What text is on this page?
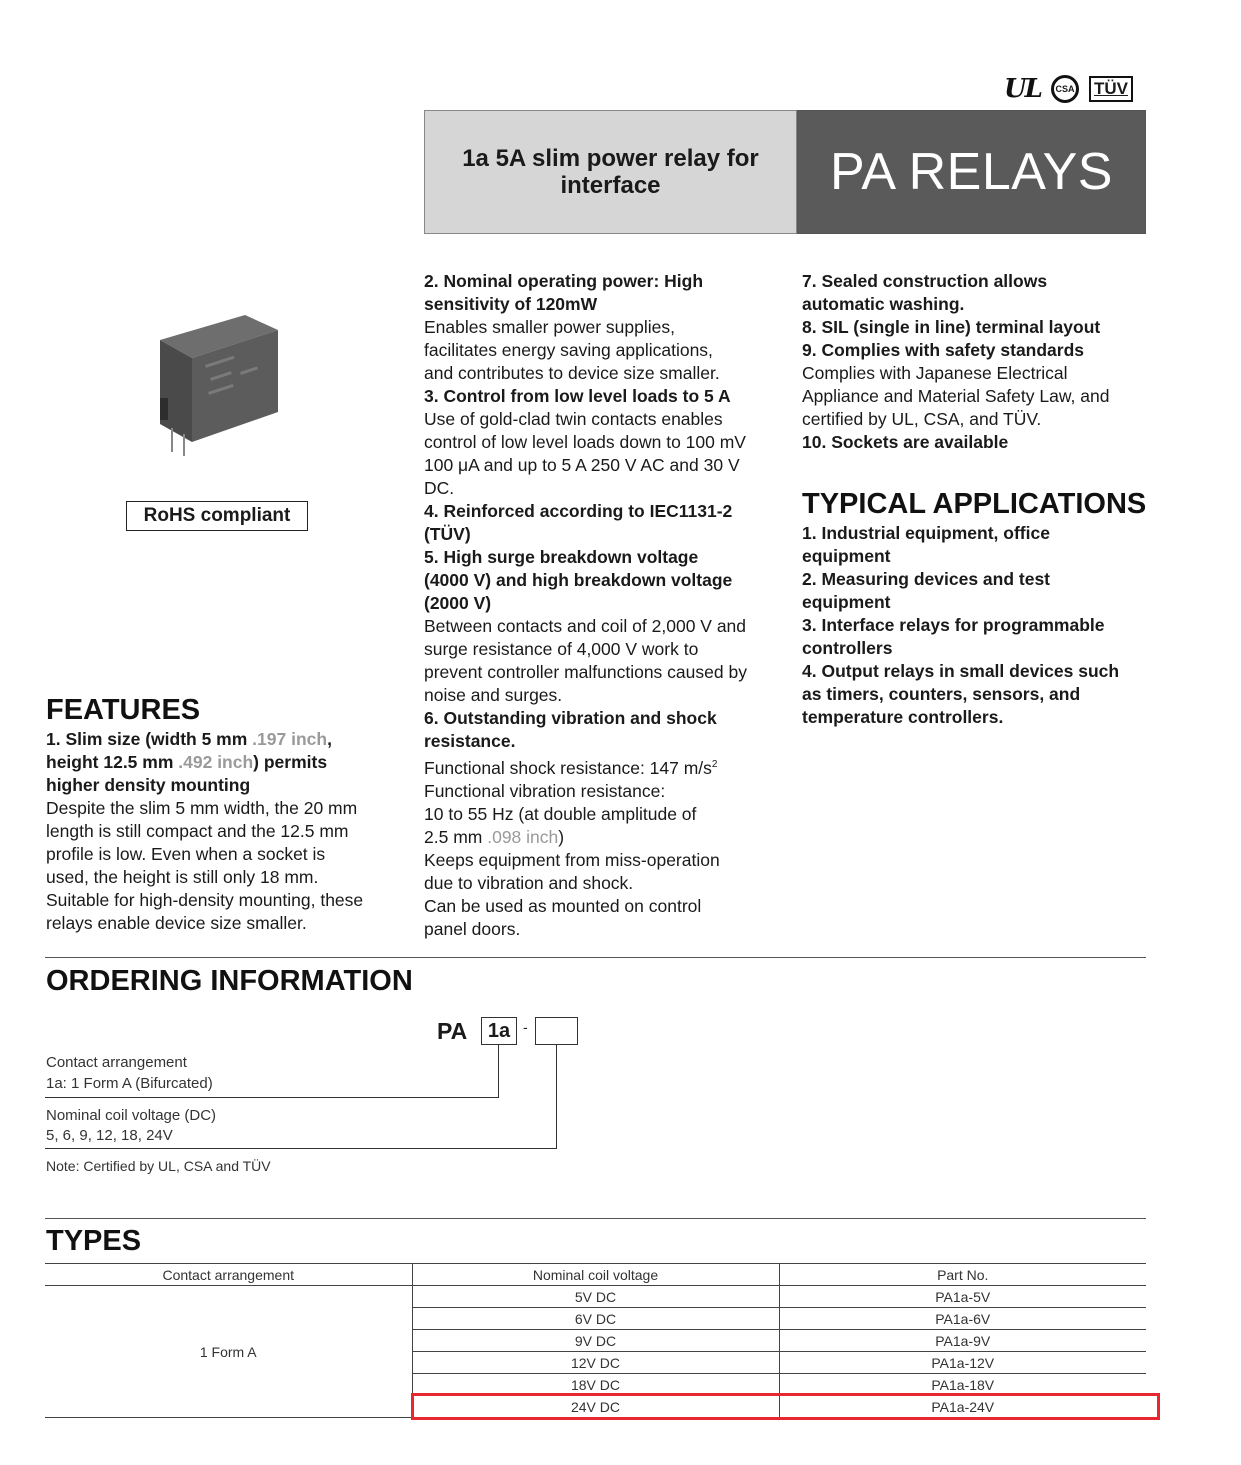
UL	CSA TÜV
1a 5A slim power relay for interface	PA RELAYS
RoHS compliant
FEATURES
1. Slim size (width 5 mm .197 inch,
height 12.5 mm .492 inch) permits
higher density mounting
Despite the slim 5 mm width, the 20 mm
length is still compact and the 12.5 mm
profile is low. Even when a socket is
used, the height is still only 18 mm.
Suitable for high-density mounting, these
relays enable device size smaller.
2. Nominal operating power: High
sensitivity of 120mW
Enables smaller power supplies,
facilitates energy saving applications,
and contributes to device size smaller.
3. Control from low level loads to 5 A
Use of gold-clad twin contacts enables
control of low level loads down to 100 mV
100 μA and up to 5 A 250 V AC and 30 V
DC.
4. Reinforced according to IEC1131-2
(TÜV)
5. High surge breakdown voltage
(4000 V) and high breakdown voltage
(2000 V)
Between contacts and coil of 2,000 V and
surge resistance of 4,000 V work to
prevent controller malfunctions caused by
noise and surges.
6. Outstanding vibration and shock
resistance.
Functional shock resistance: 147 $m/s^2$
Functional vibration resistance:
10 to 55 Hz (at double amplitude of
2.5 mm .098 inch)
Keeps equipment from miss-operation
due to vibration and shock.
Can be used as mounted on control
panel doors.
7. Sealed construction allows
automatic washing.
8. SIL (single in line) terminal layout
9. Complies with safety standards
Complies with Japanese Electrical
Appliance and Material Safety Law, and
certified by UL, CSA, and TÜV.
10. Sockets are available
TYPICAL APPLICATIONS
1. Industrial equipment, office
equipment
2. Measuring devices and test
equipment
3. Interface relays for programmable
controllers
4. Output relays in small devices such
as timers, counters, sensors, and
temperature controllers.
ORDERING INFORMATION
PA	1a -
Contact arrangement
1a: 1 Form A (Bifurcated)
Nominal coil voltage (DC)
5, 6, 9, 12, 18, 24V
Note: Certified by UL, CSA and TÜV
TYPES
Contact arrangement	Nominal coil voltage	Part No.
1 Form A	5V DC	PA1a-5V
	6V DC	PA1a-6V
	9V DC	PA1a-9V
	12V DC	PA1a-12V
	18V DC	PA1a-18V
	24V DC	PA1a-24V
